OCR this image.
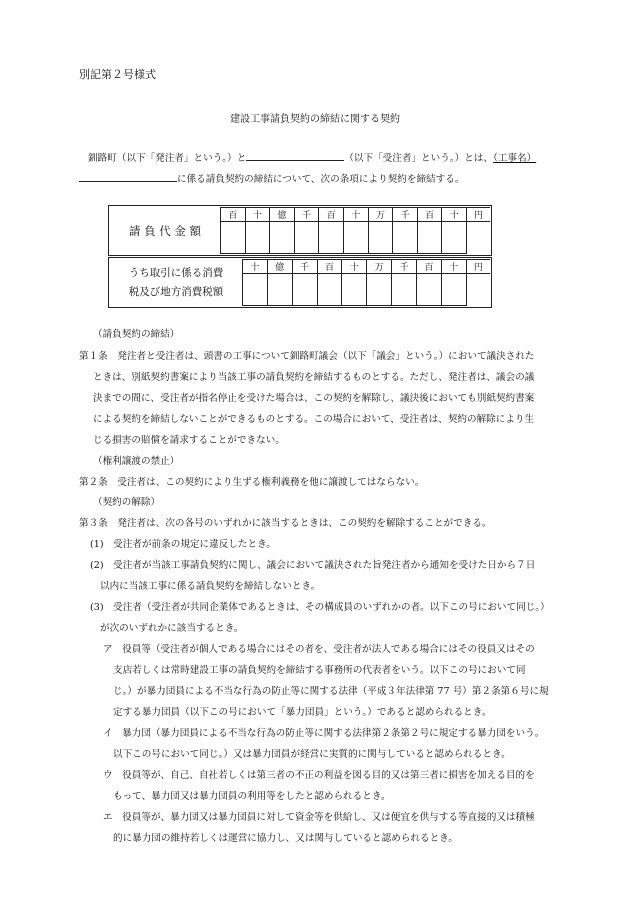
別記第２号様式
建設工事請負契約の締結に関する契約
釧路町（以下「発注者」という。）と	（以下「受注者」という。）とは、（工事名）
に係る請負契約の締結について、次の条項により契約を締結する。
請 負 代 金 額	百	十	億	千	百	十	万	千	百	十	円

うち取引に係る消費
税及び地方消費税額	十	億	千	百	十	万	千	百	十	円

（請負契約の締結）
第１条　発注者と受注者は、頭書の工事について釧路町議会（以下「議会」という。）において議決された
ときは、別紙契約書案により当該工事の請負契約を締結するものとする。ただし、発注者は、議会の議
決までの間に、受注者が指名停止を受けた場合は、この契約を解除し、議決後においても別紙契約書案
による契約を締結しないことができるものとする。この場合において、受注者は、契約の解除により生
じる損害の賠償を請求することができない。
（権利譲渡の禁止）
第２条　受注者は、この契約により生ずる権利義務を他に譲渡してはならない。
（契約の解除）
第３条　発注者は、次の各号のいずれかに該当するときは、この契約を解除することができる。
(1)　受注者が前条の規定に違反したとき。
(2)　受注者が当該工事請負契約に関し、議会において議決された旨発注者から通知を受けた日から７日
以内に当該工事に係る請負契約を締結しないとき。
(3)　受注者（受注者が共同企業体であるときは、その構成員のいずれかの者。以下この号において同じ。）
が次のいずれかに該当するとき。
ア　役員等（受注者が個人である場合にはその者を、受注者が法人である場合にはその役員又はその
支店若しくは常時建設工事の請負契約を締結する事務所の代表者をいう。以下この号において同
じ。）が暴力団員による不当な行為の防止等に関する法律（平成３年法律第 77 号）第２条第６号に規
定する暴力団員（以下この号において「暴力団員」という。）であると認められるとき。
イ　暴力団（暴力団員による不当な行為の防止等に関する法律第２条第２号に規定する暴力団をいう。
以下この号において同じ。）又は暴力団員が経営に実質的に関与していると認められるとき。
ウ　役員等が、自己、自社若しくは第三者の不正の利益を図る目的又は第三者に損害を加える目的を
もって、暴力団又は暴力団員の利用等をしたと認められるとき。
エ　役員等が、暴力団又は暴力団員に対して資金等を供給し、又は便宜を供与する等直接的又は積極
的に暴力団の維持若しくは運営に協力し、又は関与していると認められるとき。
